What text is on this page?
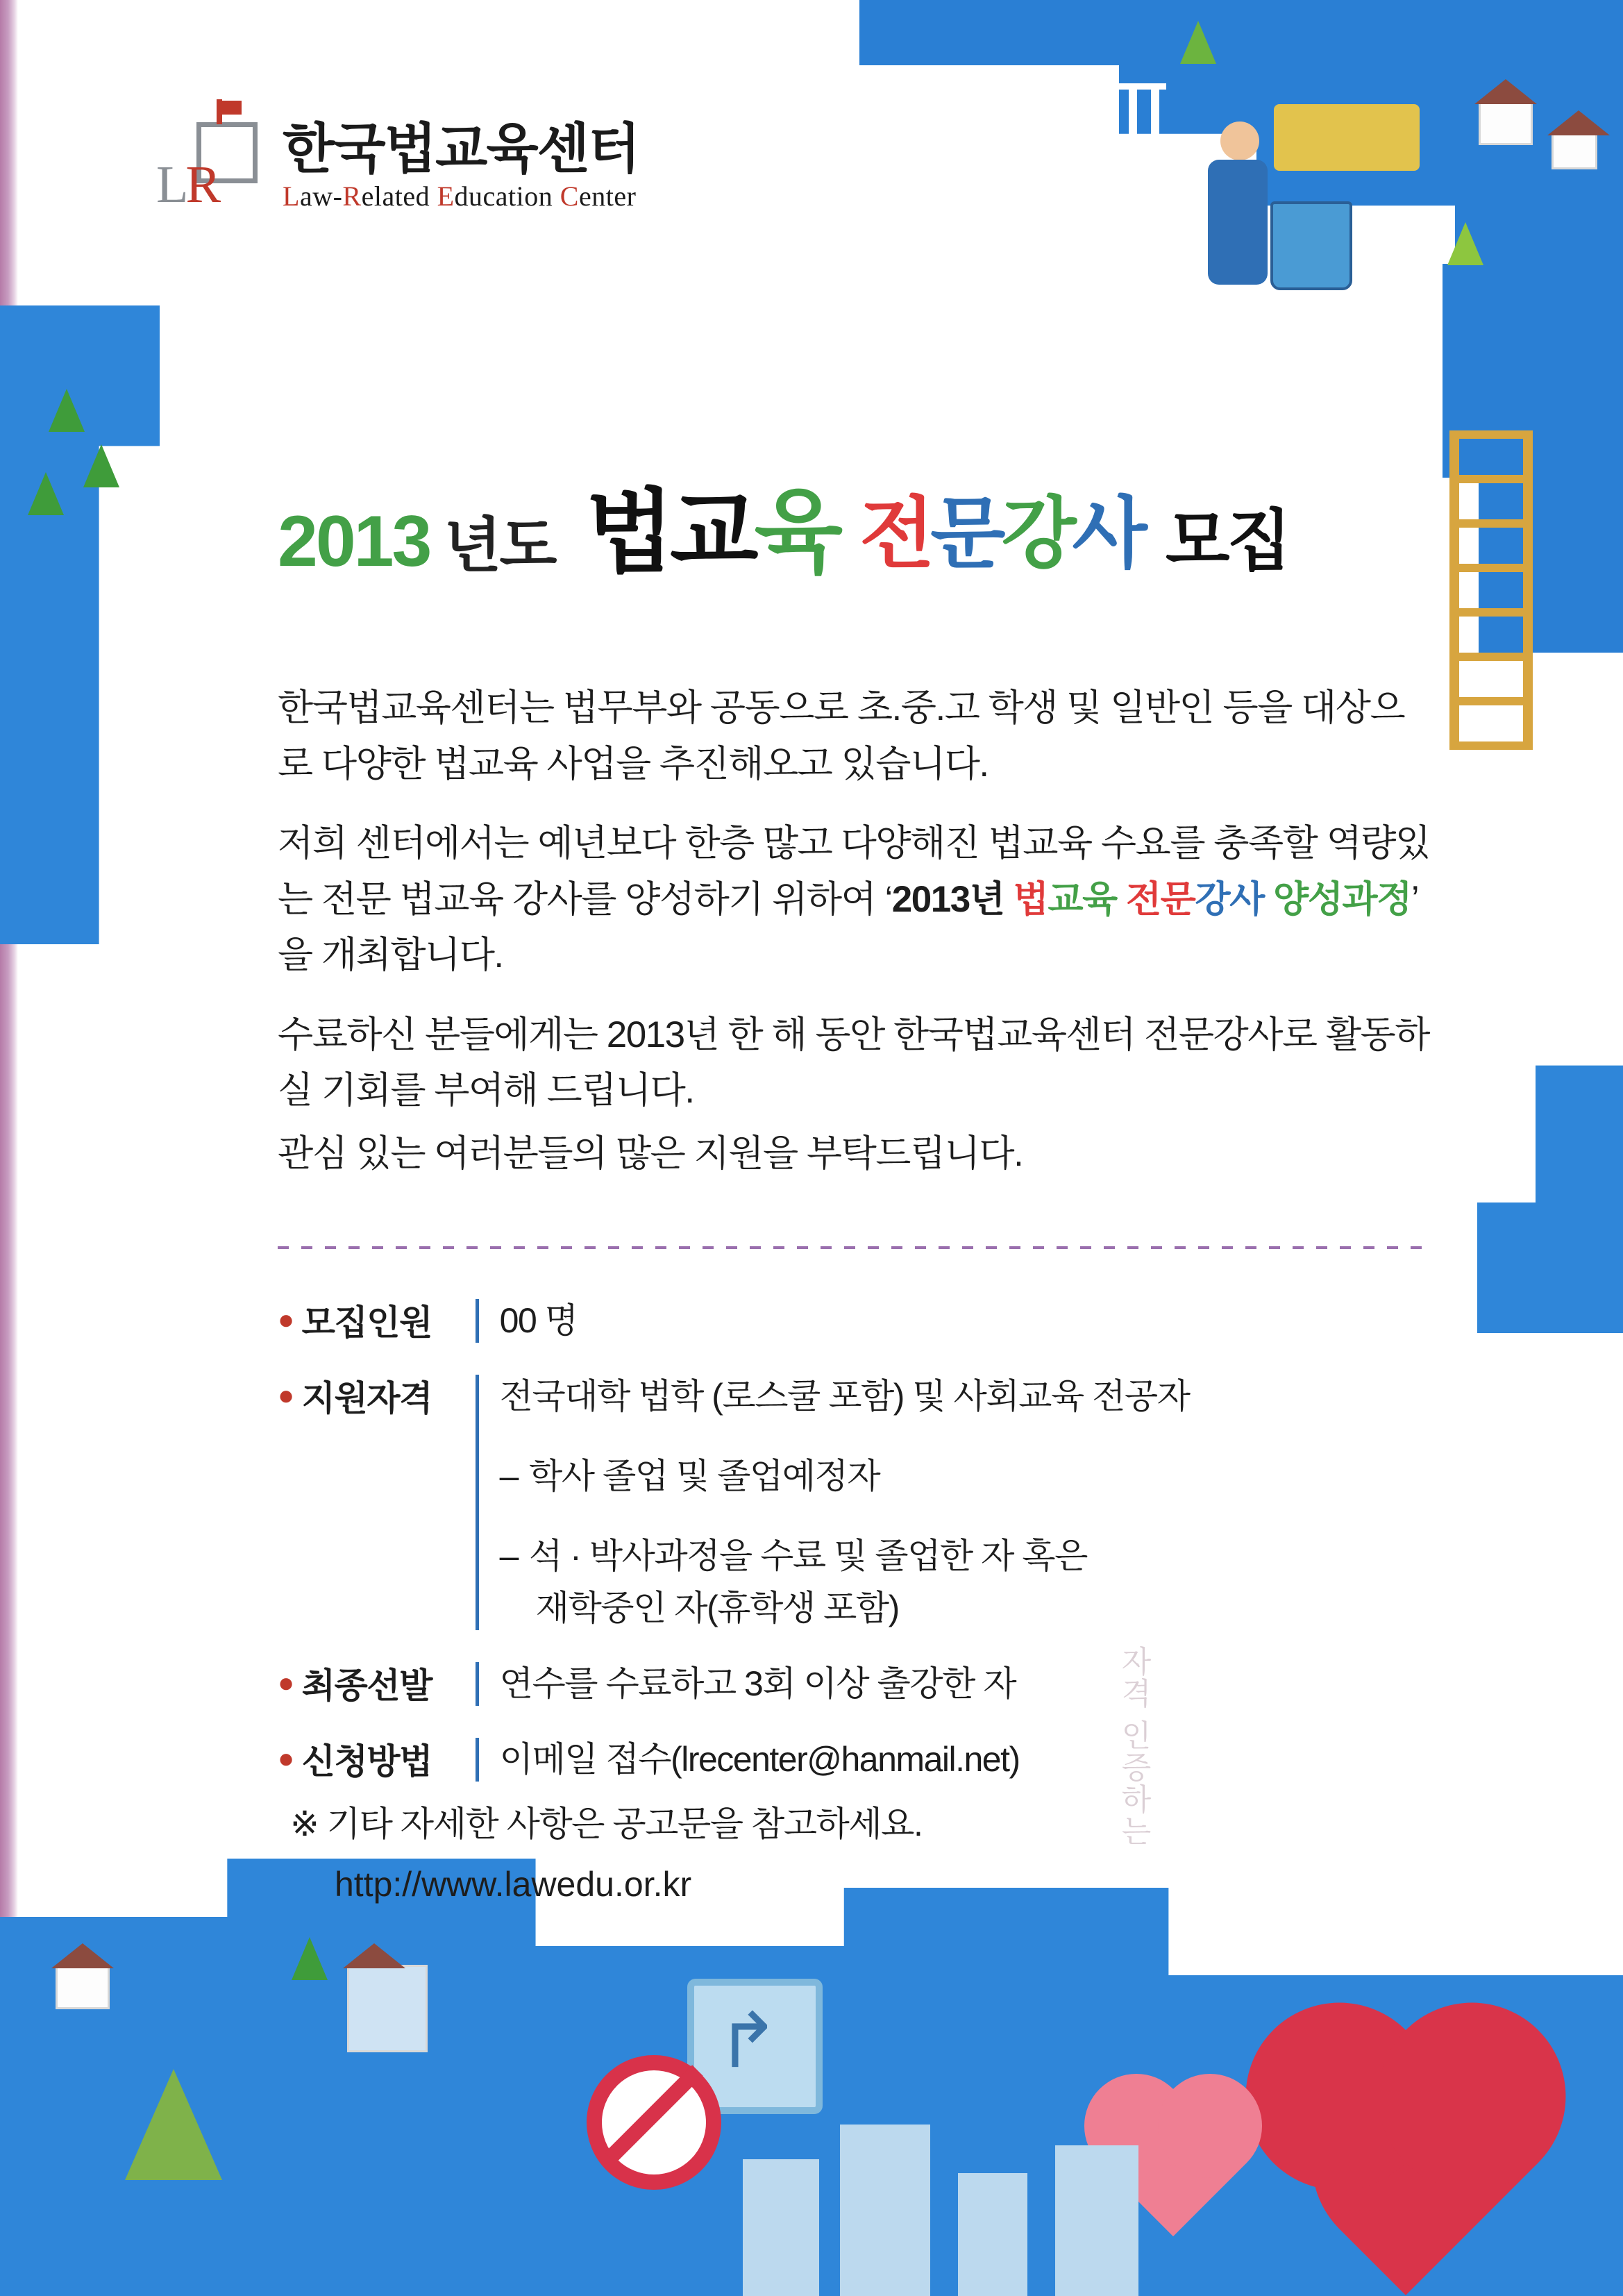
↱
LR
한국법교육센터
Law-Related Education Center
2013 년도 법교육 전문강사 모집

한국법교육센터는 법무부와 공동으로 초.중.고 학생 및 일반인 등을 대상으로 다양한 법교육 사업을 추진해오고 있습니다.

저희 센터에서는 예년보다 한층 많고 다양해진 법교육 수요를 충족할 역량있는 전문 법교육 강사를 양성하기 위하여 ‘2013년 법교육 전문강사 양성과정’ 을 개최합니다.

수료하신 분들에게는 2013년 한 해 동안 한국법교육센터 전문강사로 활동하실 기회를 부여해 드립니다.

관심 있는 여러분들의 많은 지원을 부탁드립니다.

● 모집인원	00 명
● 지원자격	전국대학 법학 (로스쿨 포함) 및 사회교육 전공자
– 학사 졸업 및 졸업예정자
– 석 · 박사과정을 수료 및 졸업한 자 혹은
재학중인 자(휴학생 포함)
● 최종선발	연수를 수료하고 3회 이상 출강한 자
● 신청방법	이메일 접수(lrecenter@hanmail.net)
※ 기타 자세한 사항은 공고문을 참고하세요.
http://www.lawedu.or.kr
자격 인증하는
